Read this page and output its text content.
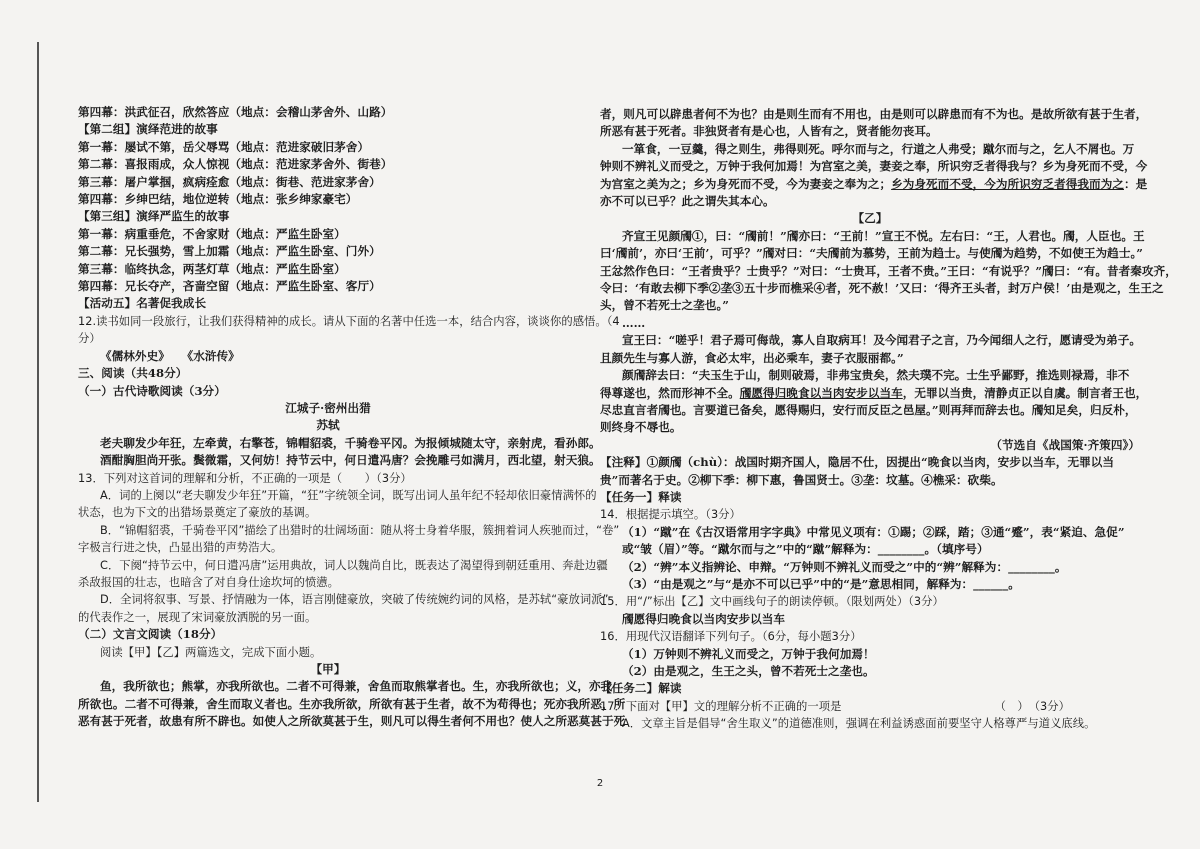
第四幕：洪武征召，欣然答应（地点：会稽山茅舍外、山路）
【第二组】演绎范进的故事
第一幕：屡试不第，岳父辱骂（地点：范进家破旧茅舍）
第二幕：喜报雨成，众人惊视（地点：范进家茅舍外、街巷）
第三幕：屠户掌掴，疯病痊愈（地点：街巷、范进家茅舍）
第四幕：乡绅巴结，地位逆转（地点：张乡绅家豪宅）
【第三组】演绎严监生的故事
第一幕：病重垂危，不舍家财（地点：严监生卧室）
第二幕：兄长强势，雪上加霜（地点：严监生卧室、门外）
第三幕：临终执念，两茎灯草（地点：严监生卧室）
第四幕：兄长夺产，吝啬空留（地点：严监生卧室、客厅）
【活动五】名著促我成长
12.读书如同一段旅行，让我们获得精神的成长。请从下面的名著中任选一本，结合内容，谈谈你的感悟。（4
分）
《儒林外史》　　《水浒传》
三、阅读（共48分）
（一）古代诗歌阅读（3分）
江城子·密州出猎
苏轼
老夫聊发少年狂，左牵黄，右擎苍，锦帽貂裘，千骑卷平冈。为报倾城随太守，亲射虎，看孙郎。
酒酣胸胆尚开张。鬓微霜，又何妨！持节云中，何日遣冯唐？会挽雕弓如满月，西北望，射天狼。
13．下列对这首词的理解和分析，不正确的一项是（　　）（3分）
A．词的上阕以“老夫聊发少年狂”开篇，“狂”字统领全词，既写出词人虽年纪不轻却依旧豪情满怀的
状态，也为下文的出猎场景奠定了豪放的基调。
B．“锦帽貂裘，千骑卷平冈”描绘了出猎时的壮阔场面：随从将士身着华服，簇拥着词人疾驰而过，“卷”
字极言行进之快，凸显出猎的声势浩大。
C．下阕“持节云中，何日遣冯唐”运用典故，词人以魏尚自比，既表达了渴望得到朝廷重用、奔赴边疆
杀敌报国的壮志，也暗含了对自身仕途坎坷的愤懑。
D．全词将叙事、写景、抒情融为一体，语言刚健豪放，突破了传统婉约词的风格，是苏轼“豪放词派”
的代表作之一，展现了宋词豪放洒脱的另一面。
（二）文言文阅读（18分）
阅读【甲】【乙】两篇选文，完成下面小题。
【甲】
鱼，我所欲也；熊掌，亦我所欲也。二者不可得兼，舍鱼而取熊掌者也。生，亦我所欲也；义，亦我
所欲也。二者不可得兼，舍生而取义者也。生亦我所欲，所欲有甚于生者，故不为苟得也；死亦我所恶，所
恶有甚于死者，故患有所不辟也。如使人之所欲莫甚于生，则凡可以得生者何不用也？使人之所恶莫甚于死
者，则凡可以辟患者何不为也？由是则生而有不用也，由是则可以辟患而有不为也。是故所欲有甚于生者，
所恶有甚于死者。非独贤者有是心也，人皆有之，贤者能勿丧耳。
一箪食，一豆羹，得之则生，弗得则死。呼尔而与之，行道之人弗受；蹴尔而与之，乞人不屑也。万
钟则不辨礼义而受之，万钟于我何加焉！为宫室之美，妻妾之奉，所识穷乏者得我与？乡为身死而不受，今
为宫室之美为之；乡为身死而不受，今为妻妾之奉为之；乡为身死而不受，今为所识穷乏者得我而为之：是
亦不可以已乎？此之谓失其本心。
【乙】
齐宣王见颜斶①，曰：“斶前！”斶亦曰：“王前！”宣王不悦。左右曰：“王，人君也。斶，人臣也。王
曰‘斶前’，亦曰‘王前’，可乎？”斶对曰：“夫斶前为慕势，王前为趋士。与使斶为趋势，不如使王为趋士。”
王忿然作色曰：“王者贵乎？士贵乎？”对曰：“士贵耳，王者不贵。”王曰：“有说乎？”斶曰：“有。昔者秦攻齐，
令曰：‘有敢去柳下季②垄③五十步而樵采④者，死不赦！’又曰：‘得齐王头者，封万户侯！’由是观之，生王之
头，曾不若死士之垄也。”
……
宣王曰：“嗟乎！君子焉可侮哉，寡人自取病耳！及今闻君子之言，乃今闻细人之行，愿请受为弟子。
且颜先生与寡人游，食必太牢，出必乘车，妻子衣服丽都。”
颜斶辞去曰：“夫玉生于山，制则破焉，非弗宝贵矣，然夫璞不完。士生乎鄙野，推选则禄焉，非不
得尊遂也，然而形神不全。斶愿得归晚食以当肉安步以当车，无罪以当贵，清静贞正以自虞。制言者王也，
尽忠直言者斶也。言要道已备矣，愿得赐归，安行而反臣之邑屋。”则再拜而辞去也。斶知足矣，归反朴，
则终身不辱也。
（节选自《战国策·齐策四》）
【注释】①颜斶（chù）：战国时期齐国人，隐居不仕，因提出“晚食以当肉，安步以当车，无罪以当
贵”而著名于史。②柳下季：柳下惠，鲁国贤士。③垄：坟墓。④樵采：砍柴。
【任务一】释读
14．根据提示填空。（3分）
（1）“蹴”在《古汉语常用字字典》中常见义项有：①踢；②踩，踏；③通“蹙”，表“紧迫、急促”
或“皱（眉）”等。“蹴尔而与之”中的“蹴”解释为：________。（填序号）
（2）“辨”本义指辨论、申辩。“万钟则不辨礼义而受之”中的“辨”解释为：________。
（3）“由是观之”与“是亦不可以已乎”中的“是”意思相同，解释为：______。
15．用“/”标出【乙】文中画线句子的朗读停顿。（限划两处）（3分）
斶愿得归晚食以当肉安步以当车
16．用现代汉语翻译下列句子。（6分，每小题3分）
（1）万钟则不辨礼义而受之，万钟于我何加焉！
（2）由是观之，生王之头，曾不若死士之垄也。
【任务二】解读
17．下面对【甲】文的理解分析不正确的一项是　　　　　　　　　　　　　　（　）　（3分）
A．文章主旨是倡导“舍生取义”的道德准则，强调在利益诱惑面前要坚守人格尊严与道义底线。
2
